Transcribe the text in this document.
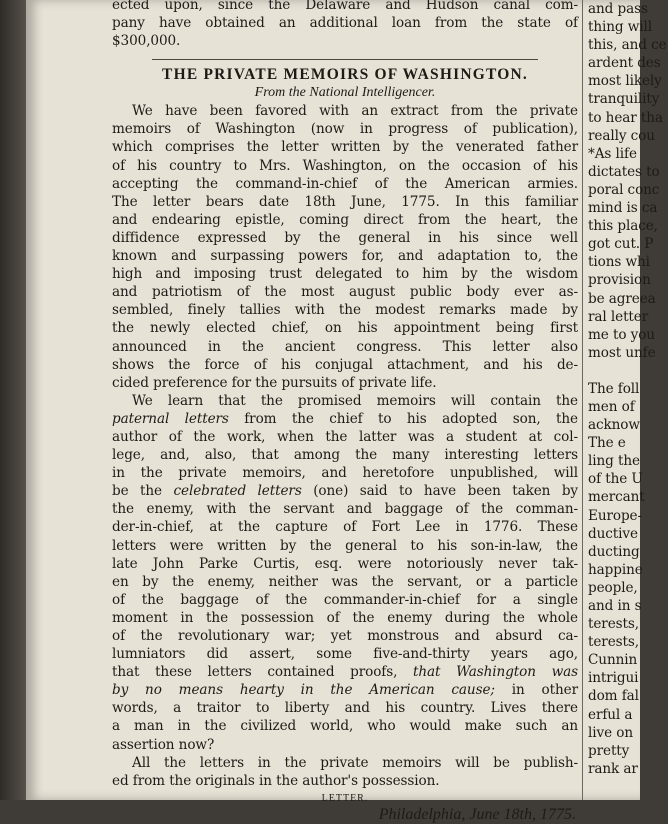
ected upon, since the Delaware and Hudson canal com-
pany have obtained an additional loan from the state of
$300,000.
THE PRIVATE MEMOIRS OF WASHINGTON.
From the National Intelligencer.
We have been favored with an extract from the private
memoirs of Washington (now in progress of publication),
which comprises the letter written by the venerated father
of his country to Mrs. Washington, on the occasion of his
accepting the command-in-chief of the American armies.
The letter bears date 18th June, 1775. In this familiar
and endearing epistle, coming direct from the heart, the
diffidence expressed by the general in his since well
known and surpassing powers for, and adaptation to, the
high and imposing trust delegated to him by the wisdom
and patriotism of the most august public body ever as-
sembled, finely tallies with the modest remarks made by
the newly elected chief, on his appointment being first
announced in the ancient congress. This letter also
shows the force of his conjugal attachment, and his de-
cided preference for the pursuits of private life.
We learn that the promised memoirs will contain the
paternal letters from the chief to his adopted son, the
author of the work, when the latter was a student at col-
lege, and, also, that among the many interesting letters
in the private memoirs, and heretofore unpublished, will
be the celebrated letters (one) said to have been taken by
the enemy, with the servant and baggage of the comman-
der-in-chief, at the capture of Fort Lee in 1776. These
letters were written by the general to his son-in-law, the
late John Parke Curtis, esq. were notoriously never tak-
en by the enemy, neither was the servant, or a particle
of the baggage of the commander-in-chief for a single
moment in the possession of the enemy during the whole
of the revolutionary war; yet monstrous and absurd ca-
lumniators did assert, some five-and-thirty years ago,
that these letters contained proofs, that Washington was
by no means hearty in the American cause; in other
words, a traitor to liberty and his country. Lives there
a man in the civilized world, who would make such an
assertion now?
All the letters in the private memoirs will be publish-
ed from the originals in the author's possession.
LETTER.
Philadelphia, June 18th, 1775.
and pass
thing will
this, and ce
ardent des
most likely
tranquility
to hear tha
really cou
*As life
dictates to
poral conc
mind is ca
this place,
got cut. P
tions whi
provision
be agreea
ral letter
me to you
most unfe
The foll
men of
acknow
The e
ling the
of the U
mercant
Europe-
ductive
ducting
happine
people,
and in s
terests,
terests,
Cunnin
intrigui
dom fal
erful a
live on
pretty
rank ar
